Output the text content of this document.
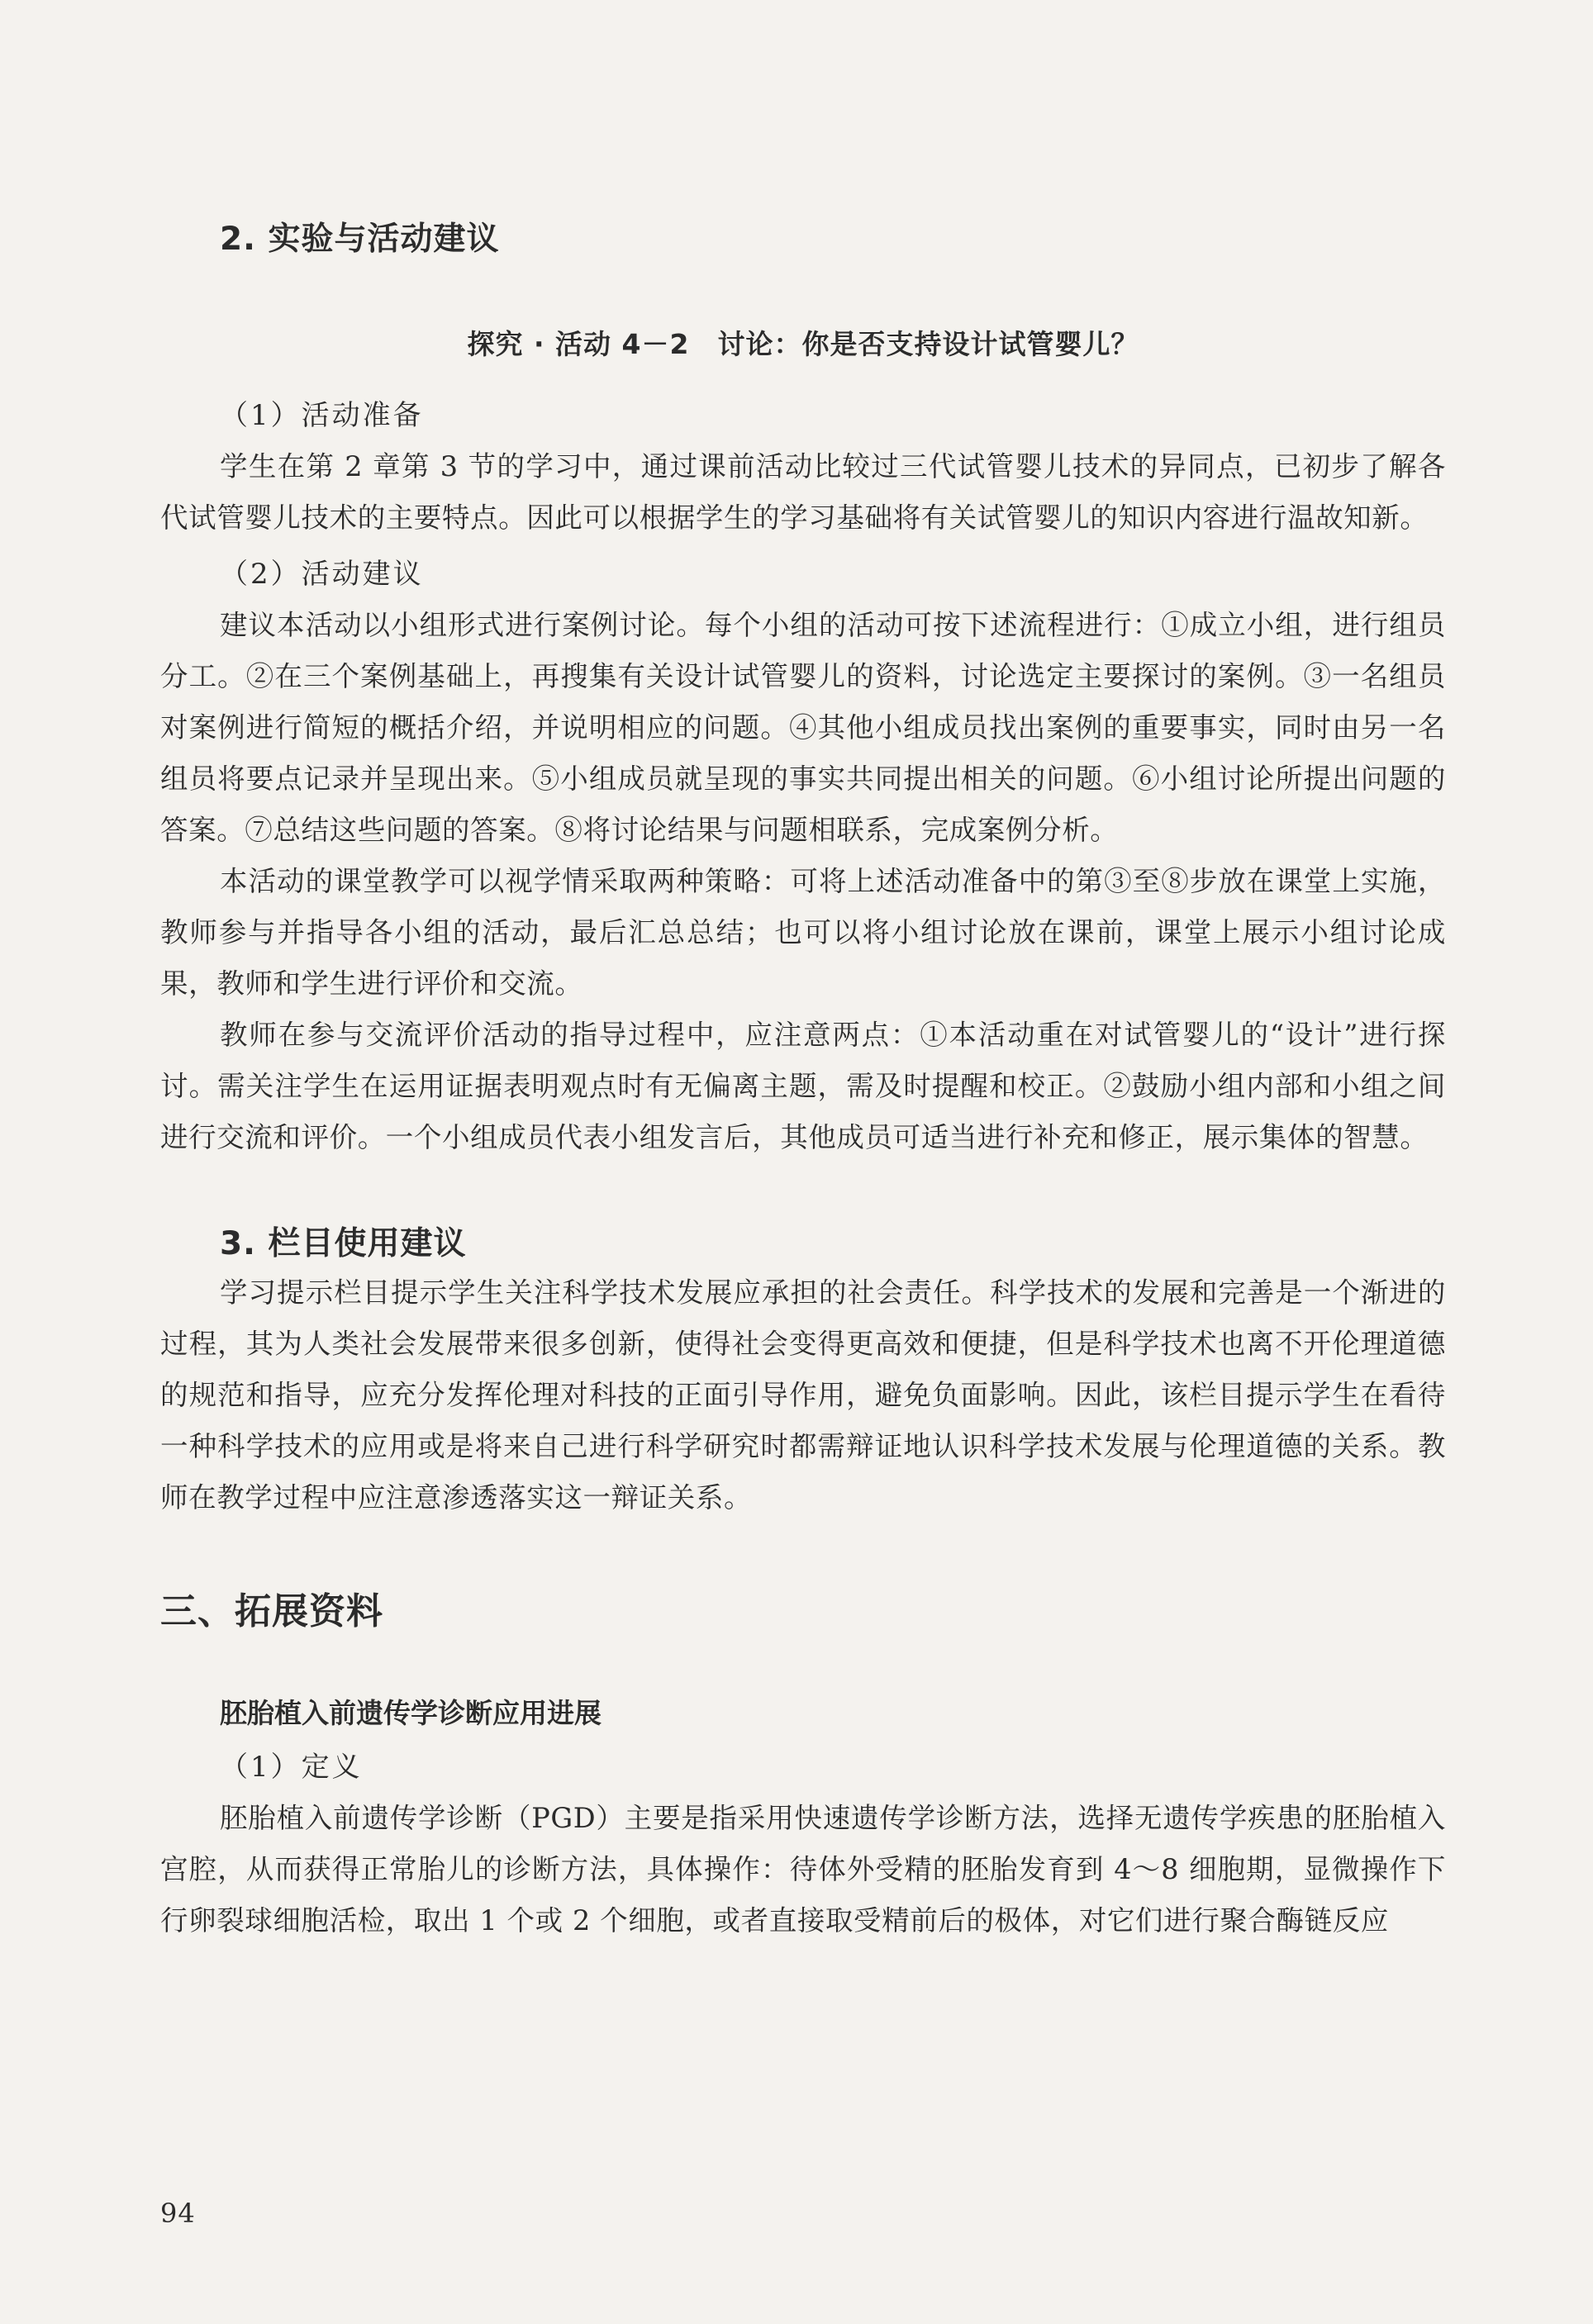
2. 实验与活动建议
探究 · 活动 4－2　讨论：你是否支持设计试管婴儿？
（1）活动准备

学生在第 2 章第 3 节的学习中，通过课前活动比较过三代试管婴儿技术的异同点，已初步了解各代试管婴儿技术的主要特点。因此可以根据学生的学习基础将有关试管婴儿的知识内容进行温故知新。

（2）活动建议

建议本活动以小组形式进行案例讨论。每个小组的活动可按下述流程进行：①成立小组，进行组员分工。②在三个案例基础上，再搜集有关设计试管婴儿的资料，讨论选定主要探讨的案例。③一名组员对案例进行简短的概括介绍，并说明相应的问题。④其他小组成员找出案例的重要事实，同时由另一名组员将要点记录并呈现出来。⑤小组成员就呈现的事实共同提出相关的问题。⑥小组讨论所提出问题的答案。⑦总结这些问题的答案。⑧将讨论结果与问题相联系，完成案例分析。

本活动的课堂教学可以视学情采取两种策略：可将上述活动准备中的第③至⑧步放在课堂上实施，教师参与并指导各小组的活动，最后汇总总结；也可以将小组讨论放在课前，课堂上展示小组讨论成果，教师和学生进行评价和交流。

教师在参与交流评价活动的指导过程中，应注意两点：①本活动重在对试管婴儿的“设计”进行探讨。需关注学生在运用证据表明观点时有无偏离主题，需及时提醒和校正。②鼓励小组内部和小组之间进行交流和评价。一个小组成员代表小组发言后，其他成员可适当进行补充和修正，展示集体的智慧。

3. 栏目使用建议

学习提示栏目提示学生关注科学技术发展应承担的社会责任。科学技术的发展和完善是一个渐进的过程，其为人类社会发展带来很多创新，使得社会变得更高效和便捷，但是科学技术也离不开伦理道德的规范和指导，应充分发挥伦理对科技的正面引导作用，避免负面影响。因此，该栏目提示学生在看待一种科学技术的应用或是将来自己进行科学研究时都需辩证地认识科学技术发展与伦理道德的关系。教师在教学过程中应注意渗透落实这一辩证关系。

三、拓展资料
胚胎植入前遗传学诊断应用进展
（1）定义

胚胎植入前遗传学诊断（PGD）主要是指采用快速遗传学诊断方法，选择无遗传学疾患的胚胎植入宫腔，从而获得正常胎儿的诊断方法，具体操作：待体外受精的胚胎发育到 4～8 细胞期，显微操作下行卵裂球细胞活检，取出 1 个或 2 个细胞，或者直接取受精前后的极体，对它们进行聚合酶链反应

94
